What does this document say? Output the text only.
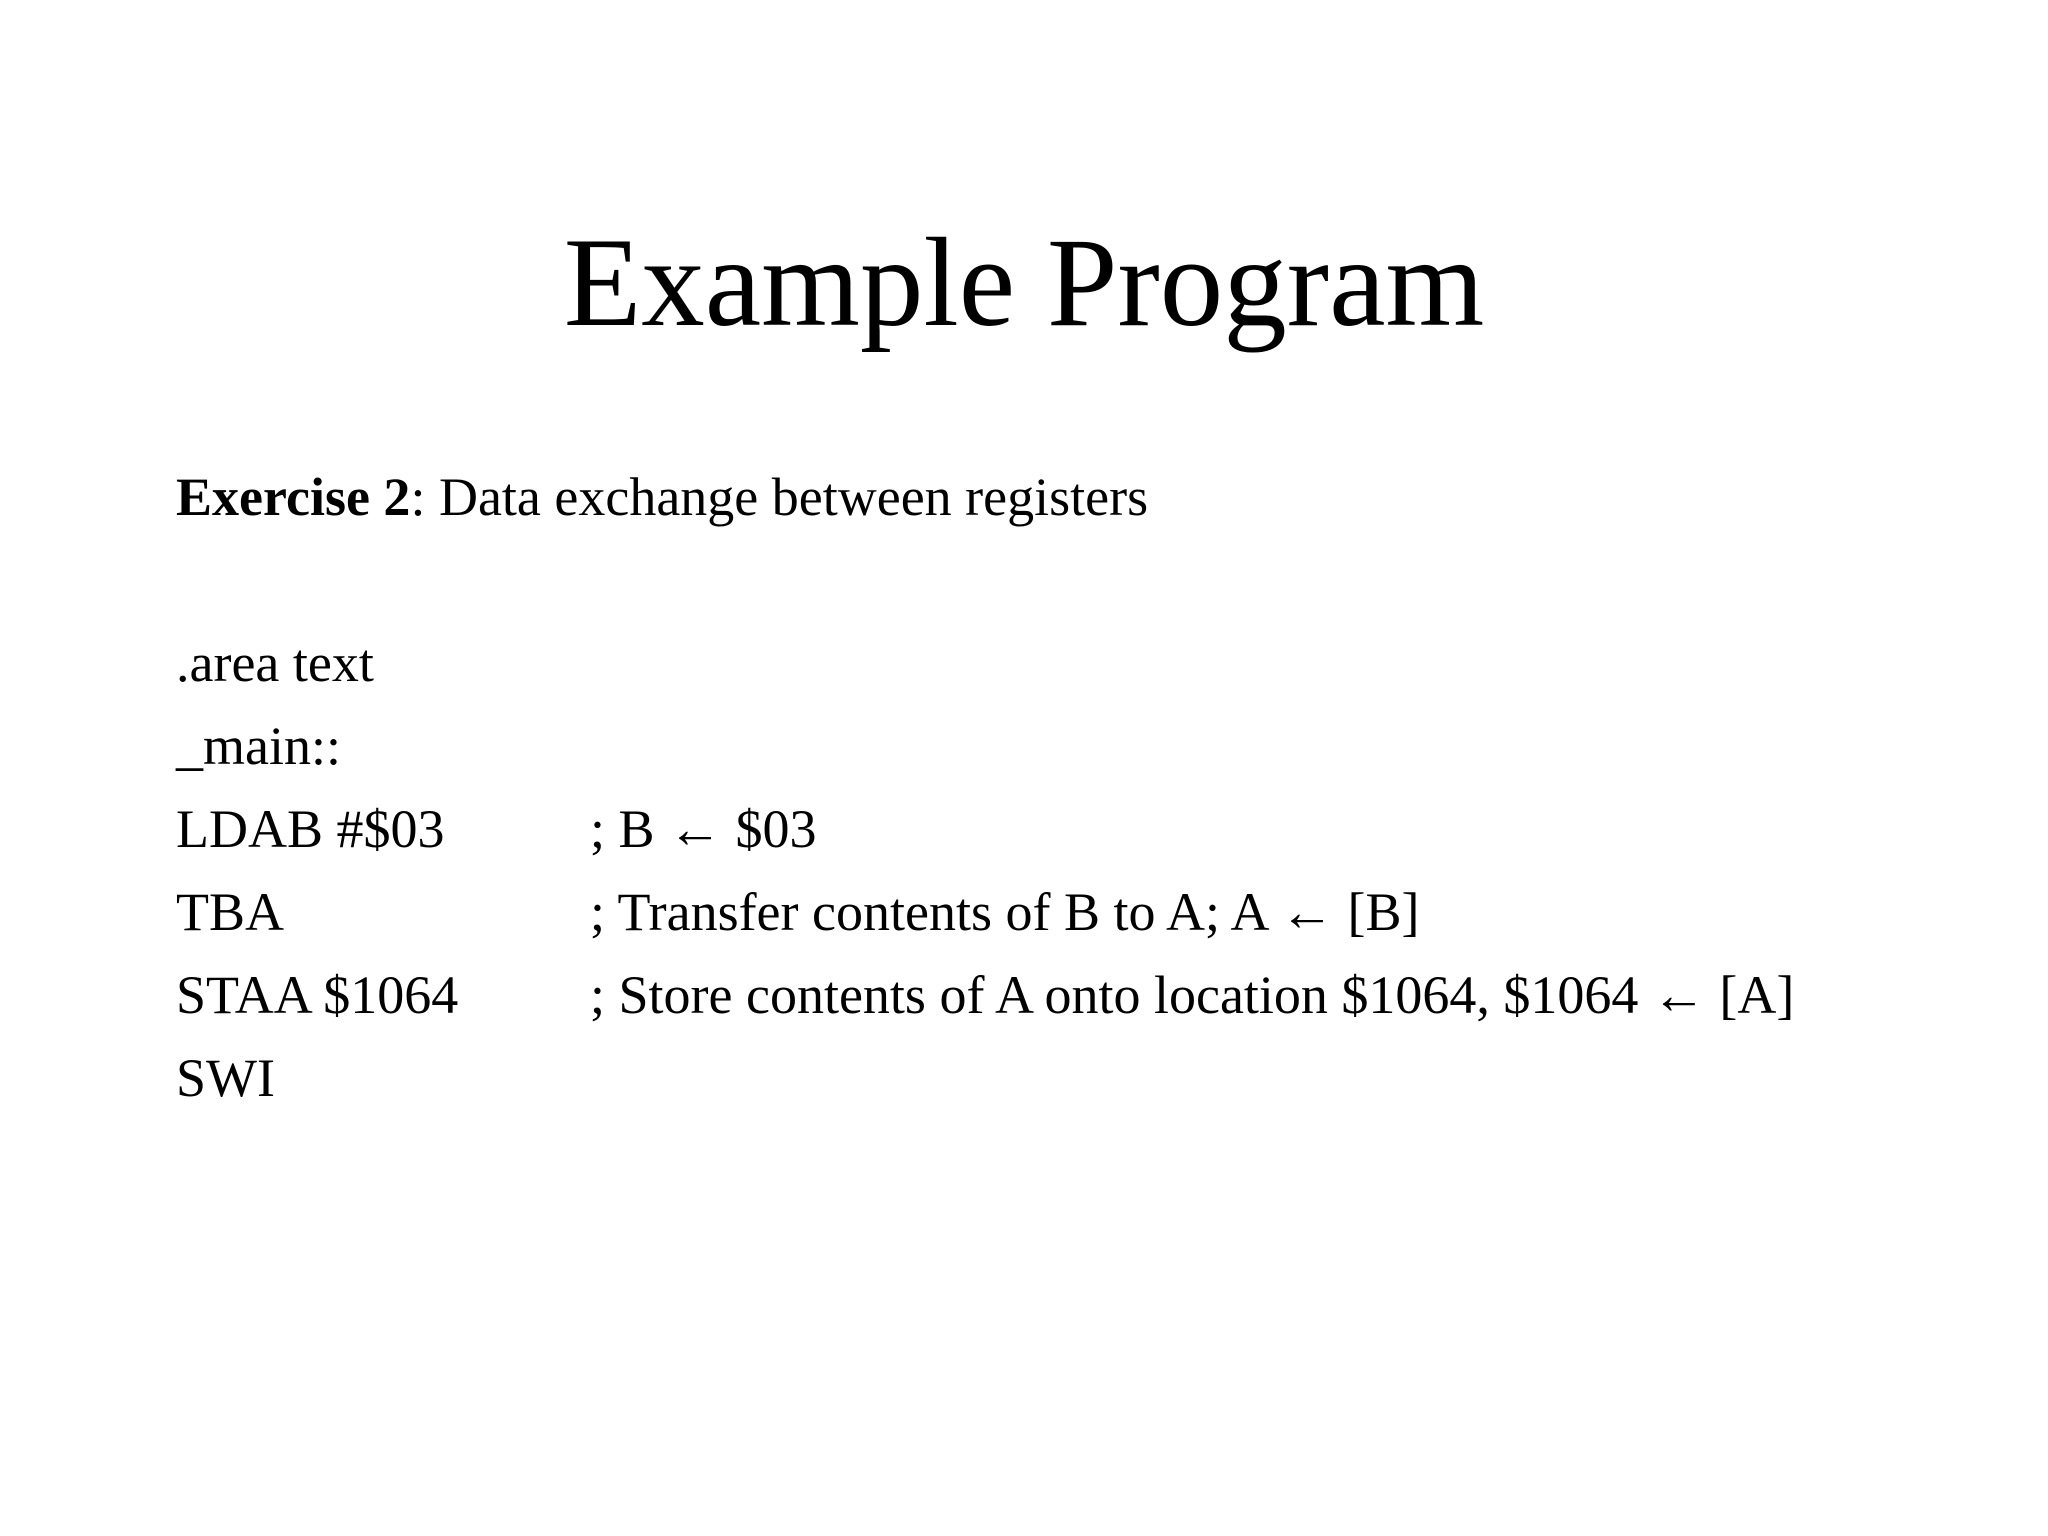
Example Program
Exercise 2: Data exchange between registers
.area text
_main::
LDAB #$03	; B ← $03
TBA	; Transfer contents of B to A; A ← [B]
STAA $1064 ; Store contents of A onto location $1064, $1064 ← [A]
SWI
